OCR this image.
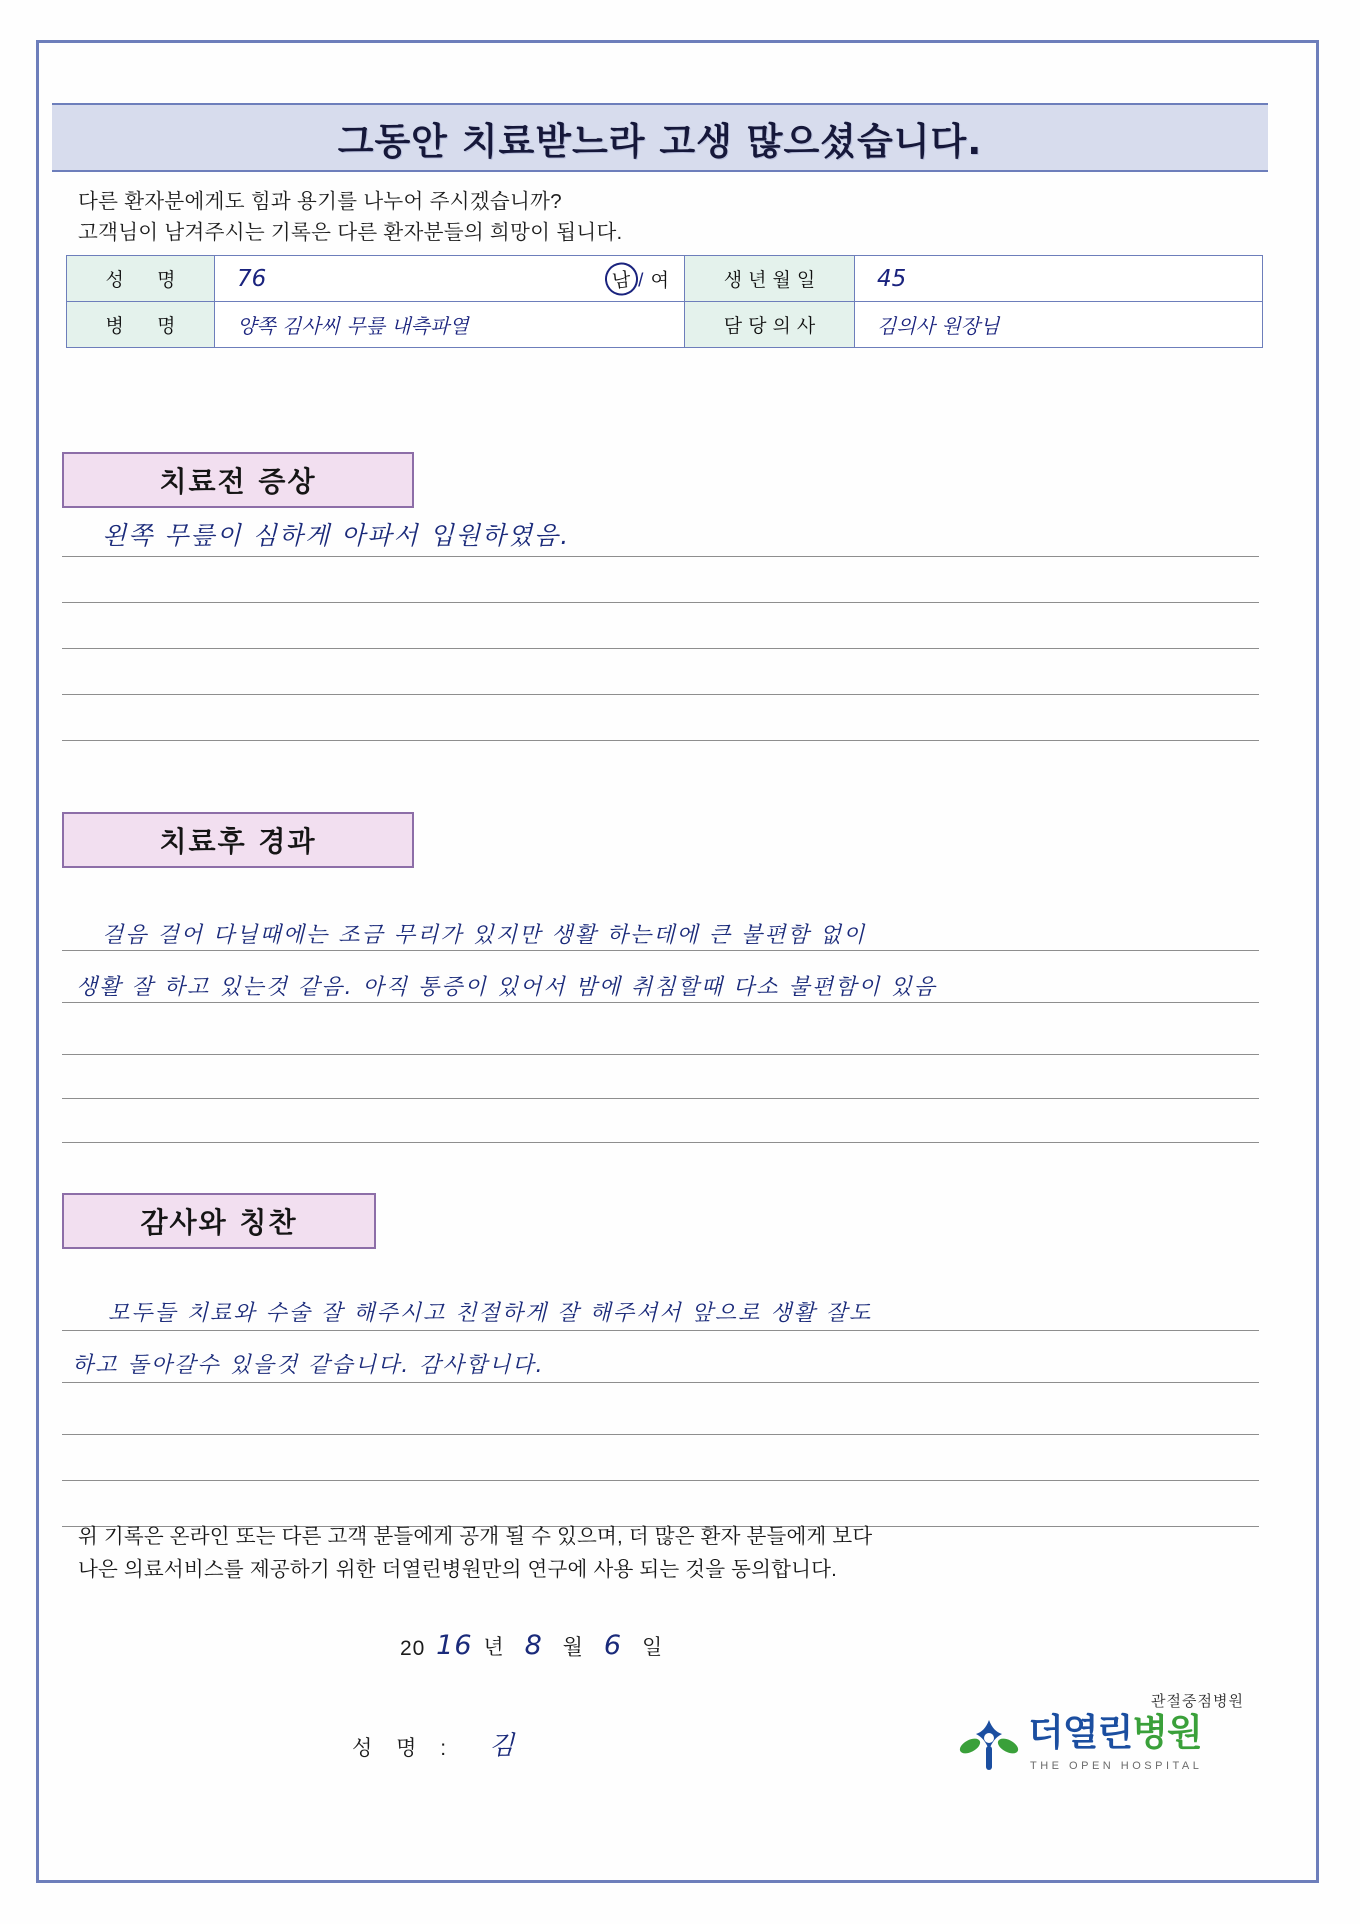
그동안 치료받느라 고생 많으셨습니다.
다른 환자분에게도 힘과 용기를 나누어 주시겠습니까?
고객님이 남겨주시는 기록은 다른 환자분들의 희망이 됩니다.
성 명	76 남 / 여	생년월일	45
병 명	양쪽 김사씨 무릎 내측파열	담당의사	김의사 원장님
치료전 증상
왼쪽 무릎이 심하게 아파서 입원하였음.
치료후 경과
걸음 걸어 다닐때에는 조금 무리가 있지만 생활 하는데에 큰 불편함 없이
생활 잘 하고 있는것 같음. 아직 통증이 있어서 밤에 취침할때 다소 불편함이 있음
감사와 칭찬
모두들 치료와 수술 잘 해주시고 친절하게 잘 해주셔서 앞으로 생활 잘도
하고 돌아갈수 있을것 같습니다. 감사합니다.
위 기록은 온라인 또는 다른 고객 분들에게 공개 될 수 있으며, 더 많은 환자 분들에게 보다
나은 의료서비스를 제공하기 위한 더열린병원만의 연구에 사용 되는 것을 동의합니다.
20 16 년 8 월 6 일
성 명 : 김
관절중점병원
더열린병원
THE OPEN HOSPITAL
